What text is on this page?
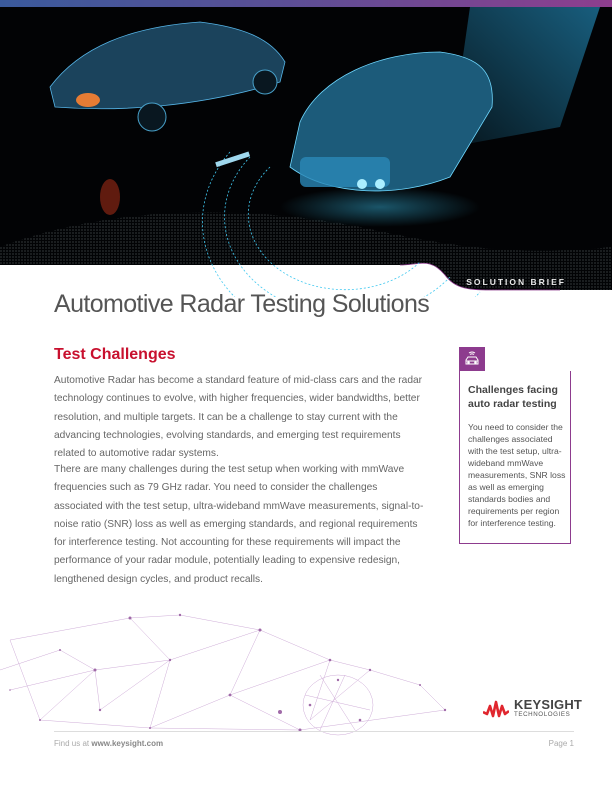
SOLUTION BRIEF
Automotive Radar Testing Solutions
Test Challenges

Automotive Radar has become a standard feature of mid-class cars and the radar technology continues to evolve, with higher frequencies, wider bandwidths, better resolution, and multiple targets. It can be a challenge to stay current with the advancing technologies, evolving standards, and emerging test requirements related to automotive radar systems.

There are many challenges during the test setup when working with mmWave frequencies such as 79 GHz radar. You need to consider the challenges associated with the test setup, ultra-wideband mmWave measurements, signal-to-noise ratio (SNR) loss as well as emerging standards, and regional requirements for interference testing. Not accounting for these requirements will impact the performance of your radar module, potentially leading to expensive redesign, lengthened design cycles, and product recalls.

Challenges facing auto radar testing
You need to consider the challenges associated with the test setup, ultra-wideband mmWave measurements, SNR loss as well as emerging standards bodies and requirements per region for interference testing.
KEYSIGHT
TECHNOLOGIES
Find us at www.keysight.com	Page 1
